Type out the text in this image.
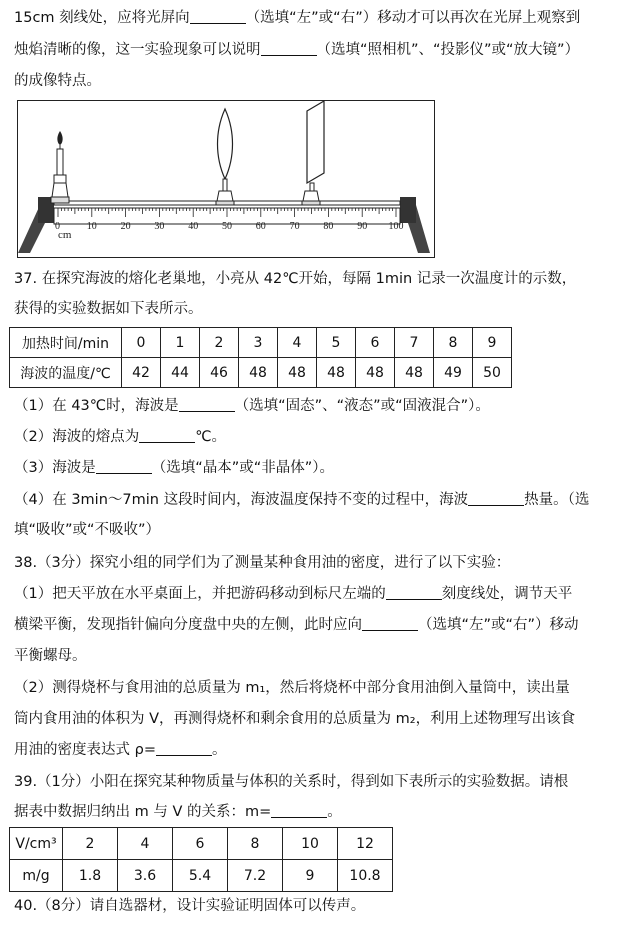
15cm 刻线处，应将光屏向	（选填“左”或“右”）移动才可以再次在光屏上观察到
烛焰清晰的像，这一实验现象可以说明	（选填“照相机”、“投影仪”或“放大镜”）
的成像特点。
0	10 20 30 40 50 60 70 80 90 100
cm
37. 在探究海波的熔化老巢地，小亮从 42℃开始，每隔 1min 记录一次温度计的示数，
获得的实验数据如下表所示。
加热时间/min	0	1	2	3	4	5	6	7	8	9
海波的温度/℃	42	44	46	48	48	48	48	48	49	50
（1）在 43℃时，海波是	（选填“固态”、“液态”或“固液混合”）。
（2）海波的熔点为	℃。
（3）海波是	（选填“晶本”或“非晶体”）。
（4）在 3min～7min 这段时间内，海波温度保持不变的过程中，海波	热量。（选
填“吸收”或“不吸收”）
38.（3分）探究小组的同学们为了测量某种食用油的密度，进行了以下实验：
（1）把天平放在水平桌面上，并把游码移动到标尺左端的	刻度线处，调节天平
横梁平衡，发现指针偏向分度盘中央的左侧，此时应向	（选填“左”或“右”）移动
平衡螺母。
（2）测得烧杯与食用油的总质量为 m₁，然后将烧杯中部分食用油倒入量筒中，读出量
筒内食用油的体积为 V，再测得烧杯和剩余食用的总质量为 m₂，利用上述物理写出该食
用油的密度表达式 ρ=	。
39.（1分）小阳在探究某种物质量与体积的关系时，得到如下表所示的实验数据。请根
据表中数据归纳出 m 与 V 的关系：m=	。
V/cm³	2	4	6	8	10	12
m/g	1.8	3.6	5.4	7.2	9	10.8
40.（8分）请自选器材，设计实验证明固体可以传声。
